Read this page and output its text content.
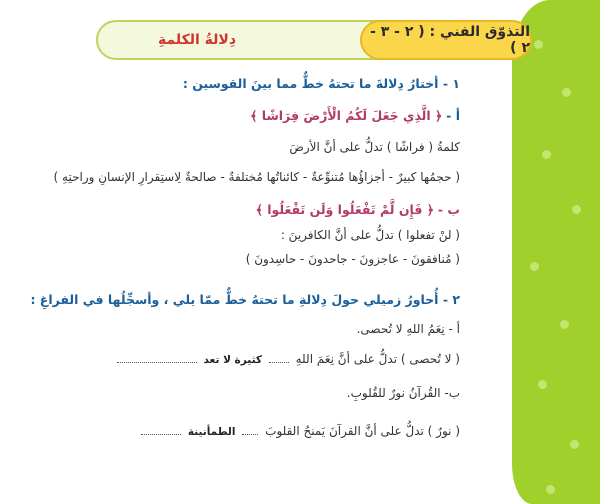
التذوّق الفني : ( ٢ - ٣ - ٢ )
دِلالةُ الكلمةِ
١ - أختارُ دِلالةَ ما تحتهُ خطٌّ مما بينَ القوسين :
أ - ﴿ الَّذِي جَعَلَ لَكُمُ الْأَرْضَ فِرَاشًا ﴾
كلمةُ ( فراشًا ) تدلُّ على أنَّ الأرضَ
( حجمُها كبيرٌ - أجزاؤُها مُتنوِّعةٌ - كائناتُها مُختلفةٌ - صالحةٌ لِاستِقرارِ الإنسانِ وراحتِهِ )
ب - ﴿ فَإِن لَّمْ تَفْعَلُوا وَلَن تَفْعَلُوا ﴾
( لنْ تفعلوا ) تدلُّ على أنَّ الكافرينَ :
( مُنافقونَ - عاجزونَ - جاحدونَ - حاسِدونَ )
٢ - أُحاورُ زميلي حولَ دِلالةِ ما تحتهُ خطٌّ ممّا يلي ، وأسجِّلُها في الفراغِ :
أ - نِعَمُ اللهِ لا تُحصى.
( لا تُحصى ) تدلُّ على أنَّ نِعَمَ اللهِ  كثيرة لا تعد
ب- القُرآنُ نورٌ للقُلوبِ.
( نورٌ ) تدلُّ على أنَّ القرآنَ يَمنحُ القلوبَ  الطمأنينة
